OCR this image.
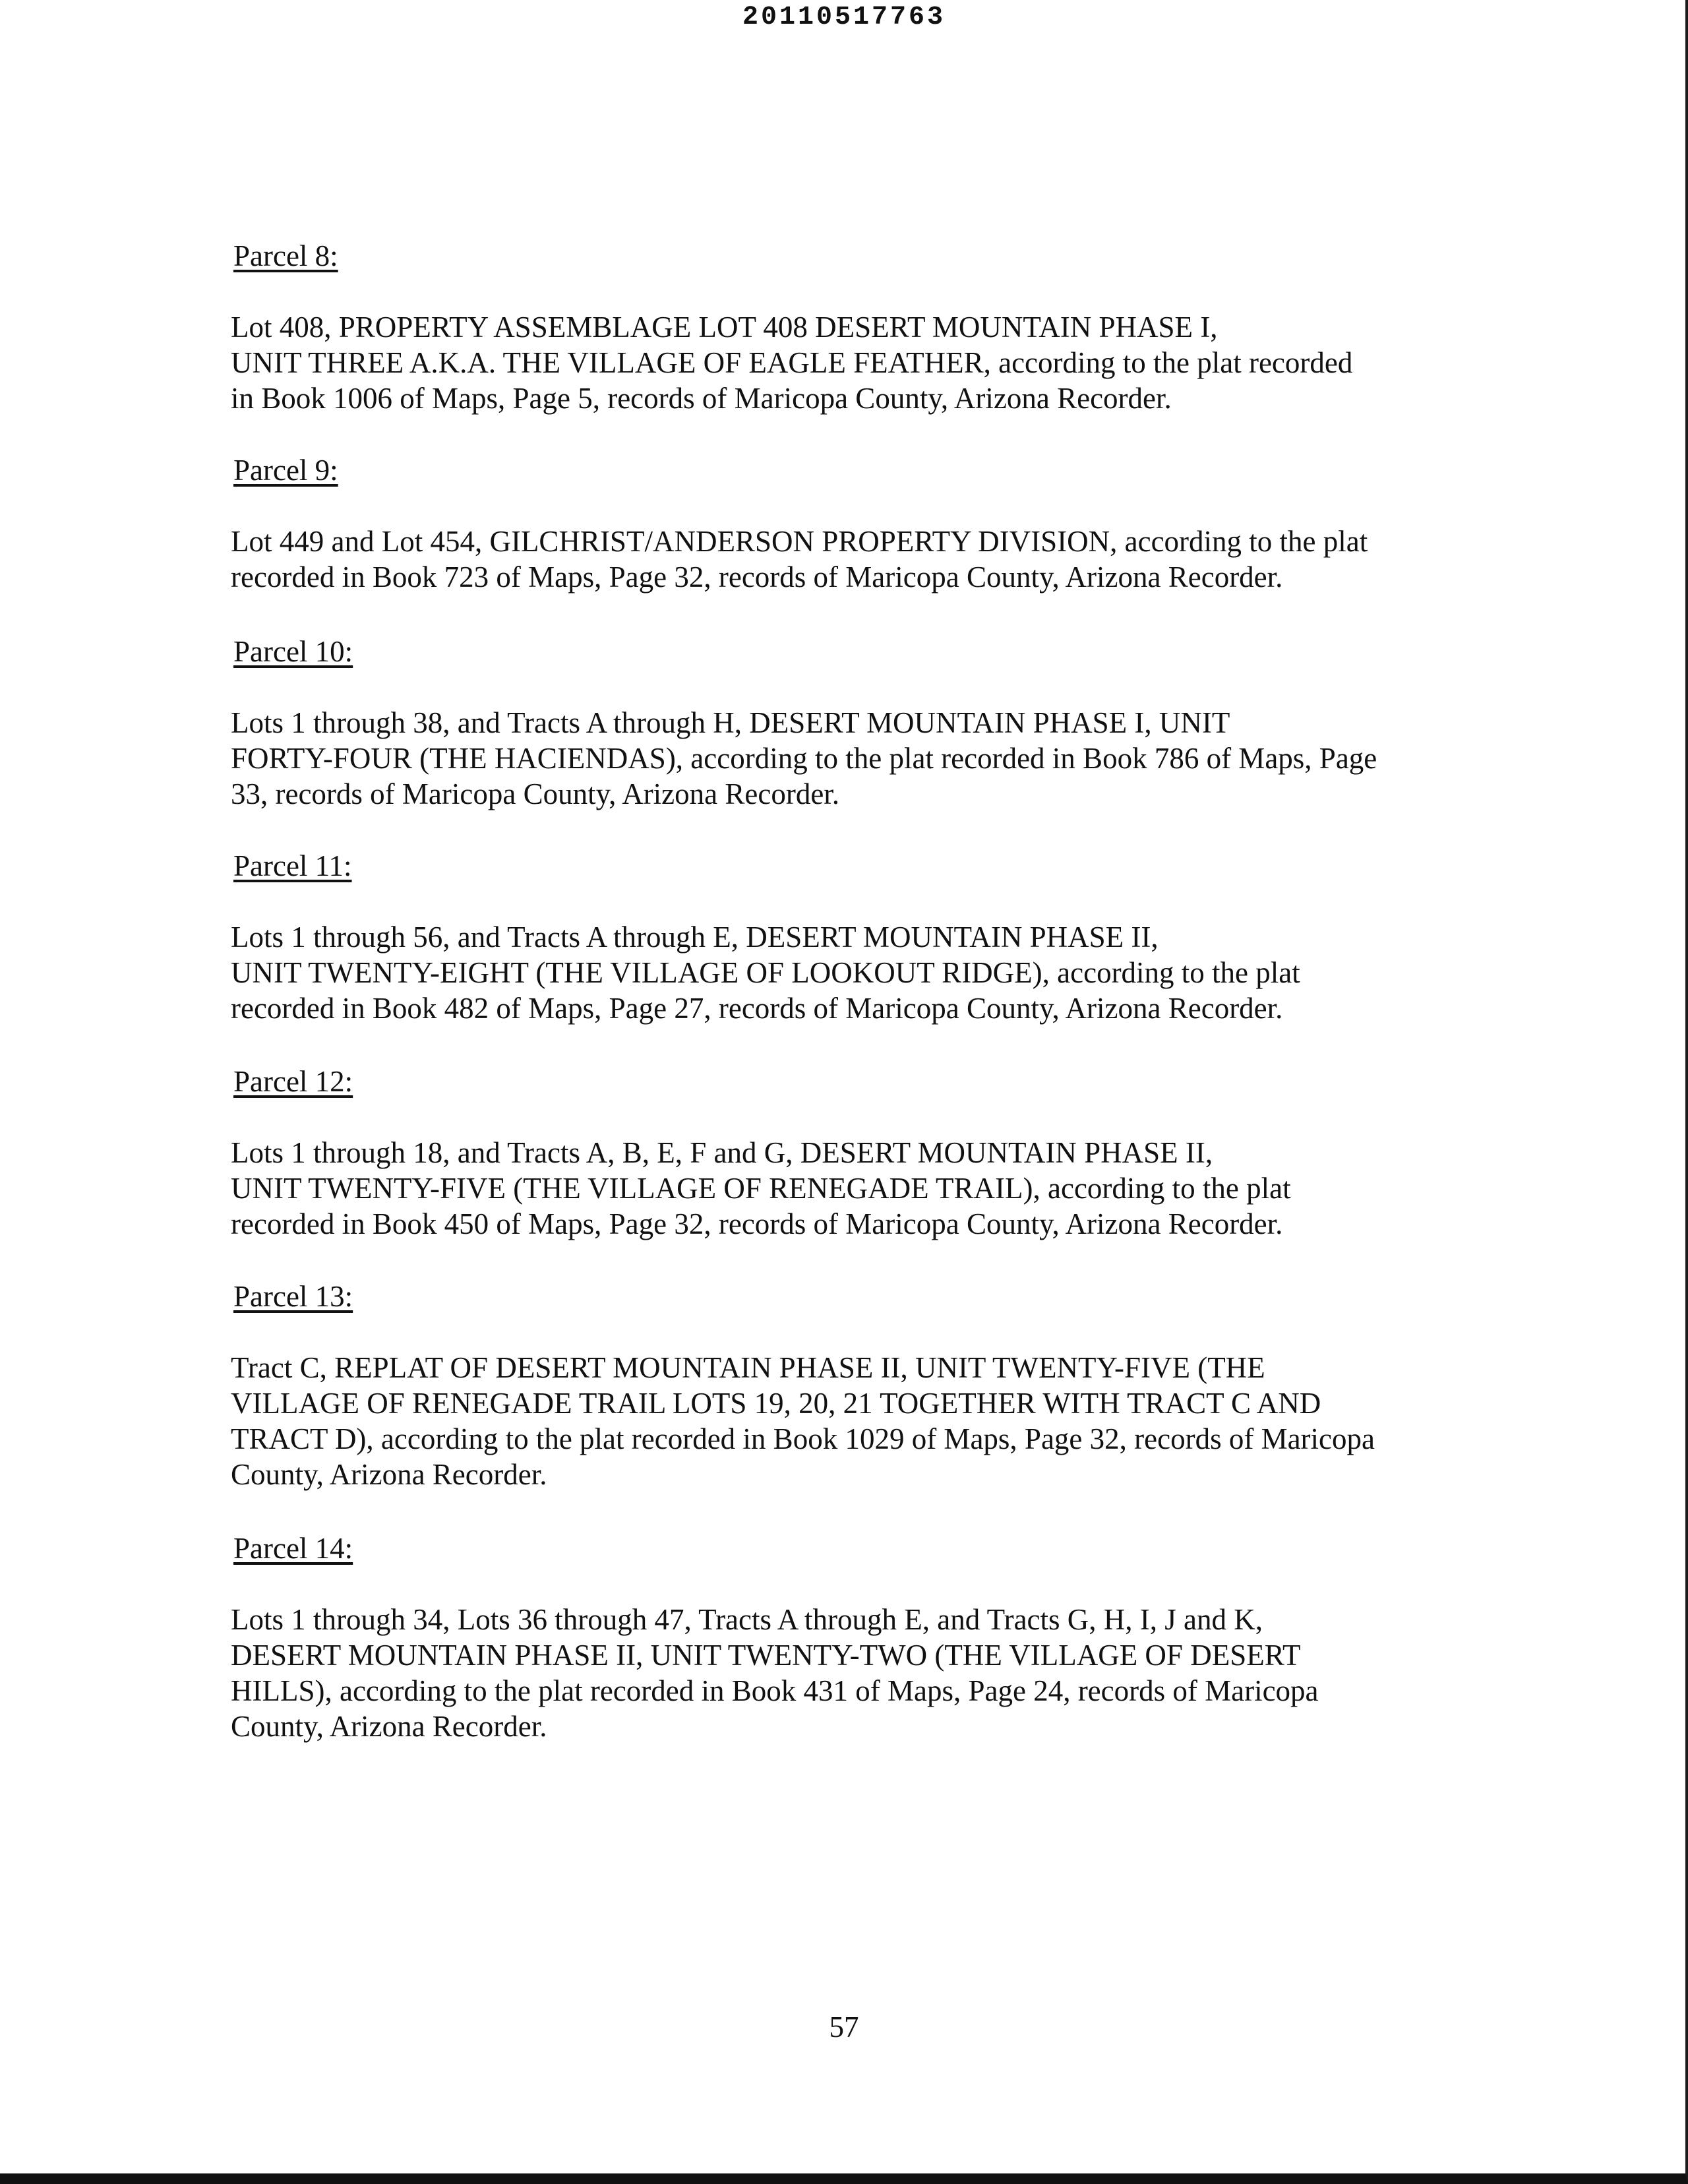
20110517763

Parcel 8:

Lot 408, PROPERTY ASSEMBLAGE LOT 408 DESERT MOUNTAIN PHASE I,
UNIT THREE A.K.A. THE VILLAGE OF EAGLE FEATHER, according to the plat recorded
in Book 1006 of Maps, Page 5, records of Maricopa County, Arizona Recorder.

Parcel 9:

Lot 449 and Lot 454, GILCHRIST/ANDERSON PROPERTY DIVISION, according to the plat
recorded in Book 723 of Maps, Page 32, records of Maricopa County, Arizona Recorder.

Parcel 10:

Lots 1 through 38, and Tracts A through H, DESERT MOUNTAIN PHASE I, UNIT
FORTY-FOUR (THE HACIENDAS), according to the plat recorded in Book 786 of Maps, Page
33, records of Maricopa County, Arizona Recorder.

Parcel 11:

Lots 1 through 56, and Tracts A through E, DESERT MOUNTAIN PHASE II,
UNIT TWENTY-EIGHT (THE VILLAGE OF LOOKOUT RIDGE), according to the plat
recorded in Book 482 of Maps, Page 27, records of Maricopa County, Arizona Recorder.

Parcel 12:

Lots 1 through 18, and Tracts A, B, E, F and G, DESERT MOUNTAIN PHASE II,
UNIT TWENTY-FIVE (THE VILLAGE OF RENEGADE TRAIL), according to the plat
recorded in Book 450 of Maps, Page 32, records of Maricopa County, Arizona Recorder.

Parcel 13:

Tract C, REPLAT OF DESERT MOUNTAIN PHASE II, UNIT TWENTY-FIVE (THE
VILLAGE OF RENEGADE TRAIL LOTS 19, 20, 21 TOGETHER WITH TRACT C AND
TRACT D), according to the plat recorded in Book 1029 of Maps, Page 32, records of Maricopa
County, Arizona Recorder.

Parcel 14:

Lots 1 through 34, Lots 36 through 47, Tracts A through E, and Tracts G, H, I, J and K,
DESERT MOUNTAIN PHASE II, UNIT TWENTY-TWO (THE VILLAGE OF DESERT
HILLS), according to the plat recorded in Book 431 of Maps, Page 24, records of Maricopa
County, Arizona Recorder.

57
